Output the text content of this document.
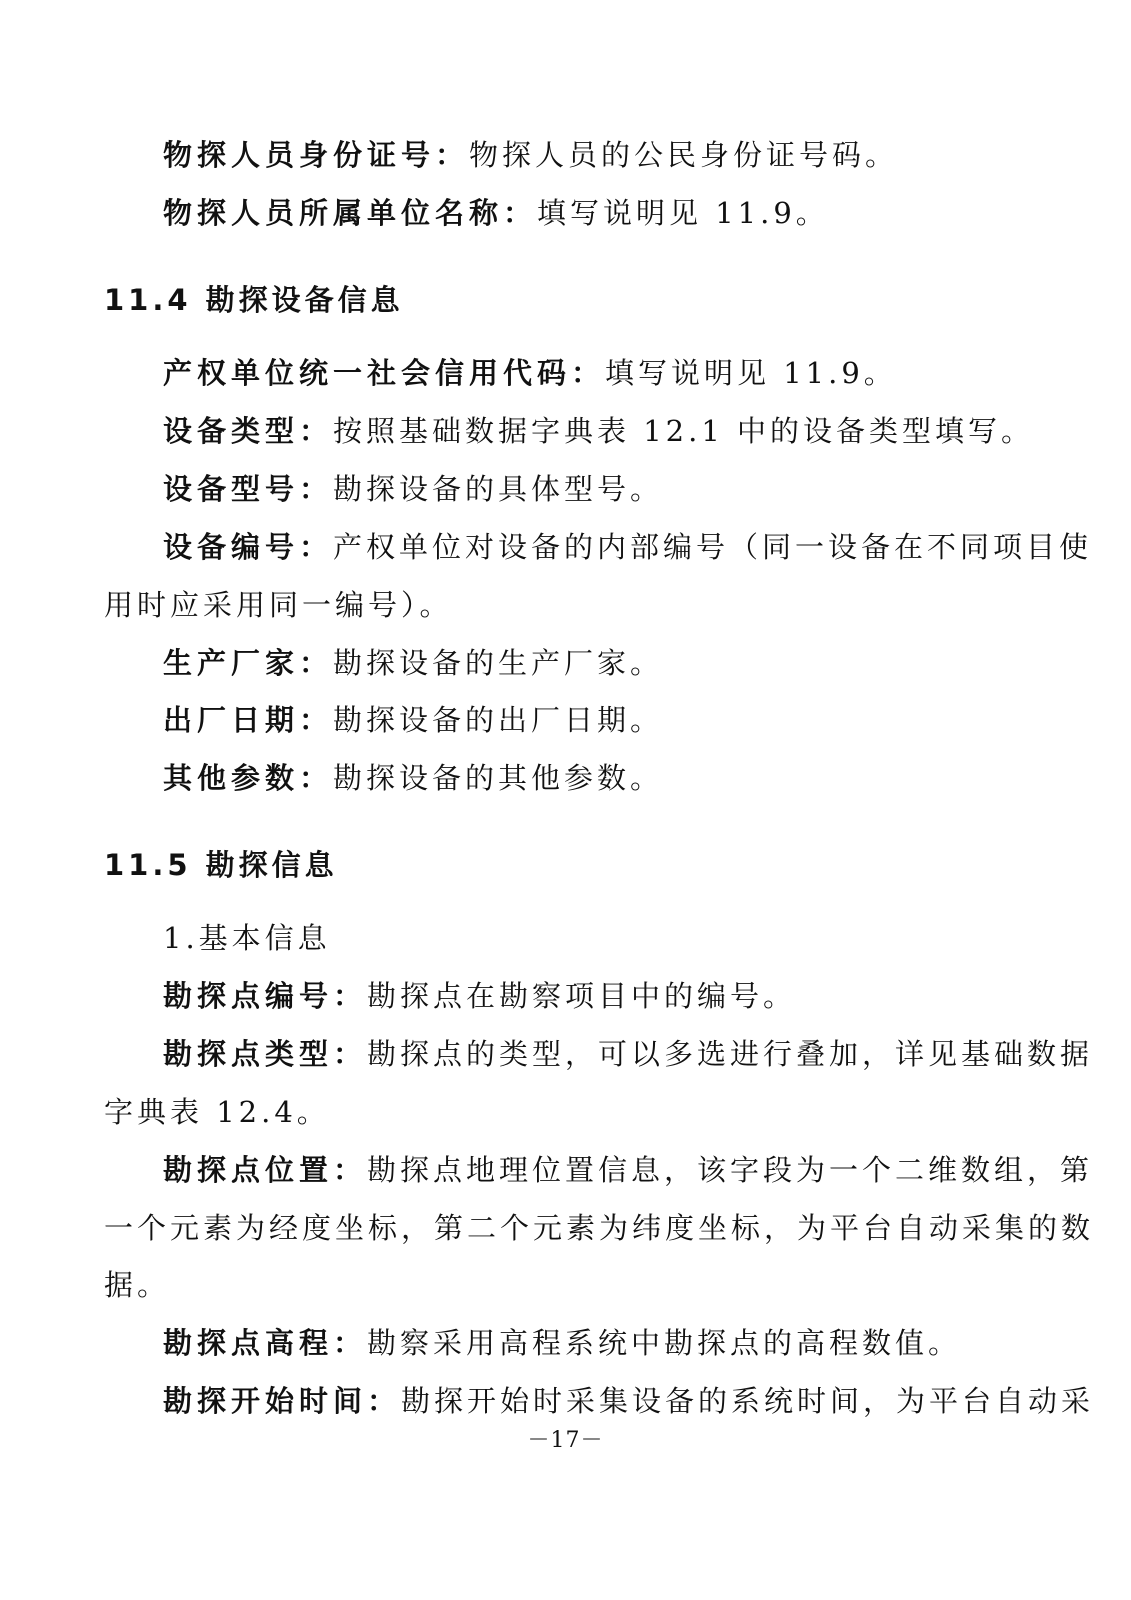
物探人员身份证号：物探人员的公民身份证号码。
物探人员所属单位名称：填写说明见 11.9。
11.4 勘探设备信息
产权单位统一社会信用代码：填写说明见 11.9。
设备类型：按照基础数据字典表 12.1 中的设备类型填写。
设备型号：勘探设备的具体型号。
设备编号：产权单位对设备的内部编号（同一设备在不同项目使
用时应采用同一编号）。
生产厂家：勘探设备的生产厂家。
出厂日期：勘探设备的出厂日期。
其他参数：勘探设备的其他参数。
11.5 勘探信息
1.基本信息
勘探点编号：勘探点在勘察项目中的编号。
勘探点类型：勘探点的类型，可以多选进行叠加，详见基础数据
字典表 12.4。
勘探点位置：勘探点地理位置信息，该字段为一个二维数组，第
一个元素为经度坐标，第二个元素为纬度坐标，为平台自动采集的数
据。
勘探点高程：勘察采用高程系统中勘探点的高程数值。
勘探开始时间：勘探开始时采集设备的系统时间，为平台自动采
－17－
